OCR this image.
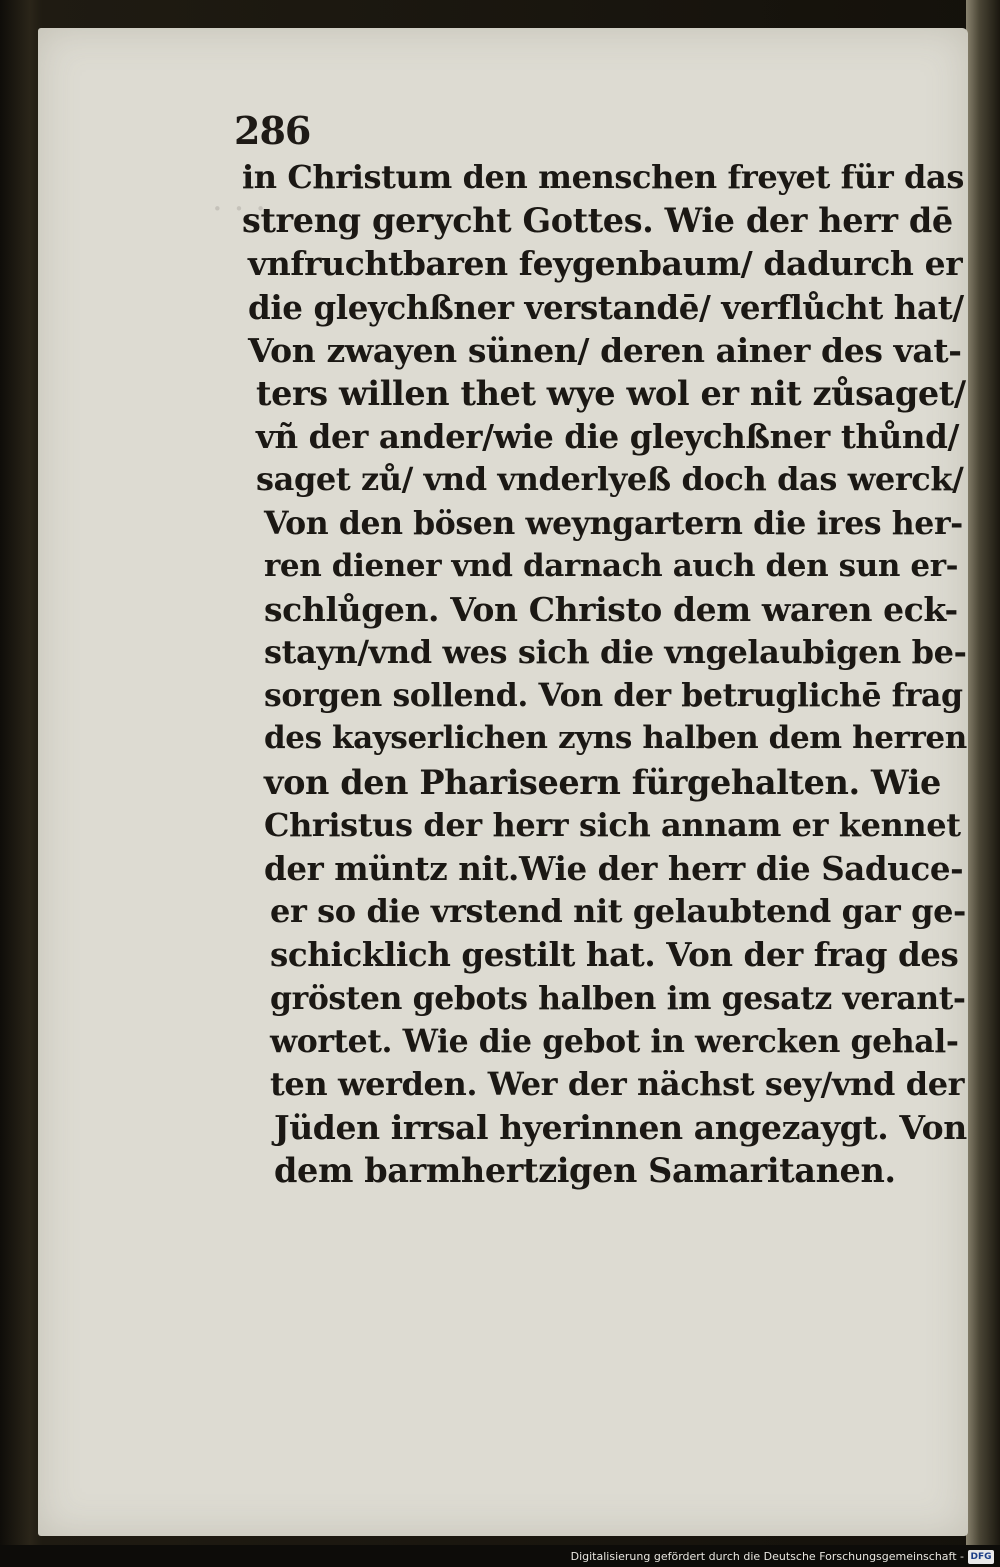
. . .
286
in Christum den menschen freyet für das
streng gerycht Gottes. Wie der herr dē
vnfruchtbaren feygenbaum/ dadurch er
die gleychßner verstandē/ verflůcht hat/
Von zwayen sünen/ deren ainer des vat-
ters willen thet wye wol er nit zůsaget/
vñ der ander/wie die gleychßner thůnd/
saget zů/ vnd vnderlyeß doch das werck/
Von den bösen weyngartern die ires her-
ren diener vnd darnach auch den sun er-
schlůgen. Von Christo dem waren eck-
stayn/vnd wes sich die vngelaubigen be-
sorgen sollend. Von der betruglichē frag
des kayserlichen zyns halben dem herren
von den Phariseern fürgehalten. Wie
Christus der herr sich annam er kennet
der müntz nit.Wie der herr die Saduce-
er so die vrstend nit gelaubtend gar ge-
schicklich gestilt hat. Von der frag des
grösten gebots halben im gesatz verant-
wortet. Wie die gebot in wercken gehal-
ten werden. Wer der nächst sey/vnd der
Jüden irrsal hyerinnen angezaygt. Von
dem barmhertzigen Samaritanen.
Digitalisierung gefördert durch die Deutsche Forschungsgemeinschaft - DFG
